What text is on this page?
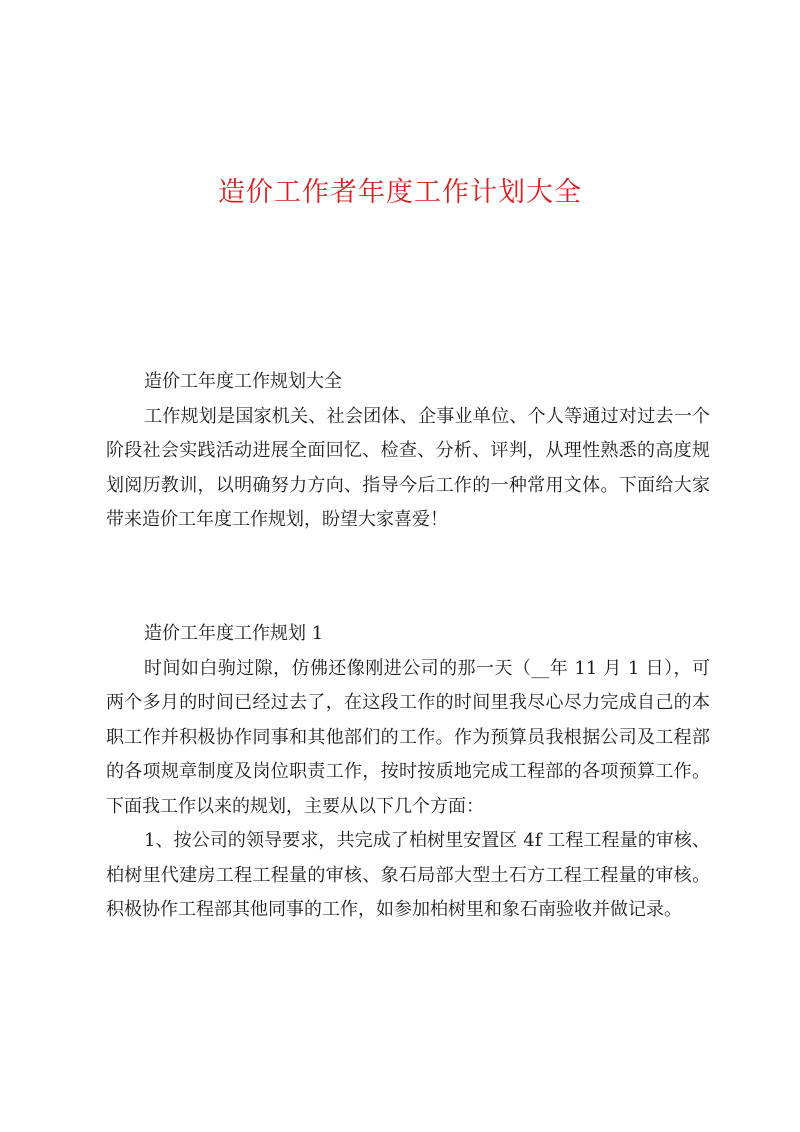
造价工作者年度工作计划大全

造价工年度工作规划大全

工作规划是国家机关、社会团体、企事业单位、个人等通过对过去一个阶段社会实践活动进展全面回忆、检查、分析、评判，从理性熟悉的高度规划阅历教训，以明确努力方向、指导今后工作的一种常用文体。下面给大家带来造价工年度工作规划，盼望大家喜爱！

造价工年度工作规划 1

时间如白驹过隙，仿佛还像刚进公司的那一天（__年 11 月 1 日），可两个多月的时间已经过去了，在这段工作的时间里我尽心尽力完成自己的本职工作并积极协作同事和其他部们的工作。作为预算员我根据公司及工程部的各项规章制度及岗位职责工作，按时按质地完成工程部的各项预算工作。下面我工作以来的规划，主要从以下几个方面：

1、按公司的领导要求，共完成了柏树里安置区 4f 工程工程量的审核、柏树里代建房工程工程量的审核、象石局部大型土石方工程工程量的审核。积极协作工程部其他同事的工作，如参加柏树里和象石南验收并做记录。
